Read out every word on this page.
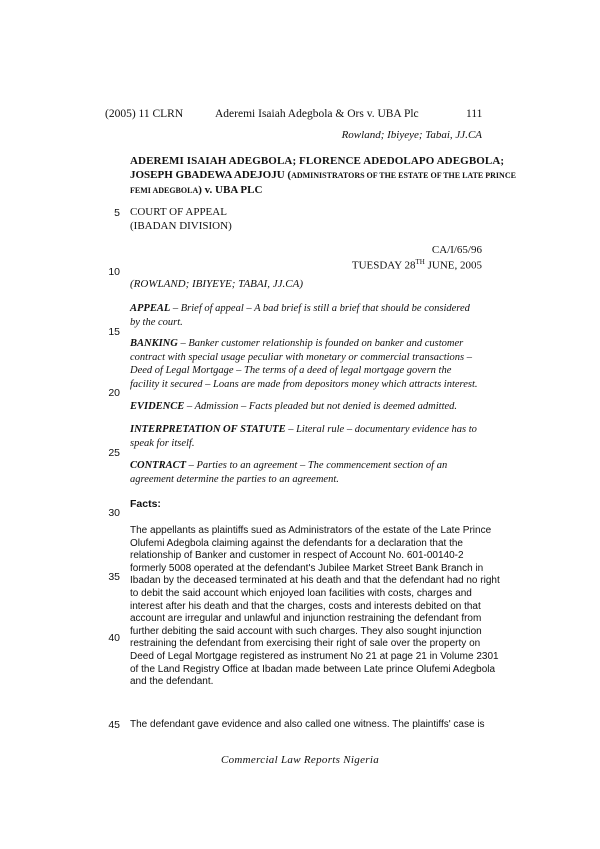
(2005) 11 CLRN	Aderemi Isaiah Adegbola & Ors v. UBA Plc	111
Rowland; Ibiyeye; Tabai, JJ.CA
ADEREMI ISAIAH ADEGBOLA; FLORENCE ADEDOLAPO ADEGBOLA;
JOSEPH GBADEWA ADEJOJU (ADMINISTRATORS OF THE ESTATE OF THE LATE PRINCE
FEMI ADEGBOLA) v. UBA PLC
COURT OF APPEAL
(IBADAN DIVISION)
CA/I/65/96
TUESDAY 28TH JUNE, 2005
(ROWLAND; IBIYEYE; TABAI, JJ.CA)
APPEAL – Brief of appeal – A bad brief is still a brief that should be considered by the court.
BANKING – Banker customer relationship is founded on banker and customer contract with special usage peculiar with monetary or commercial transactions – Deed of Legal Mortgage – The terms of a deed of legal mortgage govern the facility it secured – Loans are made from depositors money which attracts interest.
EVIDENCE – Admission – Facts pleaded but not denied is deemed admitted.
INTERPRETATION OF STATUTE – Literal rule – documentary evidence has to speak for itself.
CONTRACT – Parties to an agreement – The commencement section of an agreement determine the parties to an agreement.
Facts:
The appellants as plaintiffs sued as Administrators of the estate of the Late Prince
Olufemi Adegbola claiming against the defendants for a declaration that the
relationship of Banker and customer in respect of Account No. 601-00140-2
formerly 5008 operated at the defendant's Jubilee Market Street Bank Branch in
Ibadan by the deceased terminated at his death and that the defendant had no right
to debit the said account which enjoyed loan facilities with costs, charges and
interest after his death and that the charges, costs and interests debited on that
account are irregular and unlawful and injunction restraining the defendant from
further debiting the said account with such charges. They also sought injunction
restraining the defendant from exercising their right of sale over the property on
Deed of Legal Mortgage registered as instrument No 21 at page 21 in Volume 2301
of the Land Registry Office at Ibadan made between Late prince Olufemi Adegbola
and the defendant.
The defendant gave evidence and also called one witness. The plaintiffs' case is
5
10
15
20
25
30
35
40
45
Commercial Law Reports Nigeria
